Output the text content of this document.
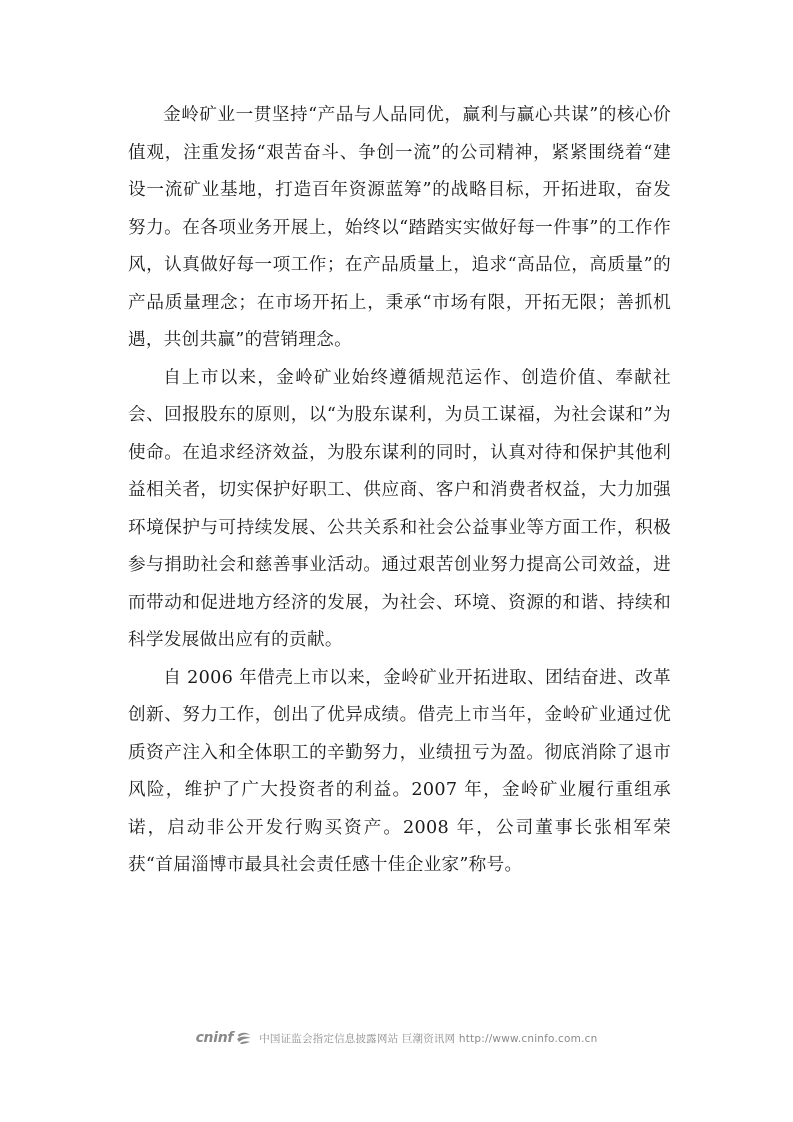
金岭矿业一贯坚持“产品与人品同优，赢利与赢心共谋”的核心价值观，注重发扬“艰苦奋斗、争创一流”的公司精神，紧紧围绕着“建设一流矿业基地，打造百年资源蓝筹”的战略目标，开拓进取，奋发努力。在各项业务开展上，始终以“踏踏实实做好每一件事”的工作作风，认真做好每一项工作；在产品质量上，追求“高品位，高质量”的产品质量理念；在市场开拓上，秉承“市场有限，开拓无限；善抓机遇，共创共赢”的营销理念。

自上市以来，金岭矿业始终遵循规范运作、创造价值、奉献社会、回报股东的原则，以“为股东谋利，为员工谋福，为社会谋和”为使命。在追求经济效益，为股东谋利的同时，认真对待和保护其他利益相关者，切实保护好职工、供应商、客户和消费者权益，大力加强环境保护与可持续发展、公共关系和社会公益事业等方面工作，积极参与捐助社会和慈善事业活动。通过艰苦创业努力提高公司效益，进而带动和促进地方经济的发展，为社会、环境、资源的和谐、持续和科学发展做出应有的贡献。

自 2006 年借壳上市以来，金岭矿业开拓进取、团结奋进、改革创新、努力工作，创出了优异成绩。借壳上市当年，金岭矿业通过优质资产注入和全体职工的辛勤努力，业绩扭亏为盈。彻底消除了退市风险，维护了广大投资者的利益。2007 年，金岭矿业履行重组承诺，启动非公开发行购买资产。2008 年，公司董事长张相军荣获“首届淄博市最具社会责任感十佳企业家”称号。

cninf 中国证监会指定信息披露网站 巨潮资讯网 http://www.cninfo.com.cn
